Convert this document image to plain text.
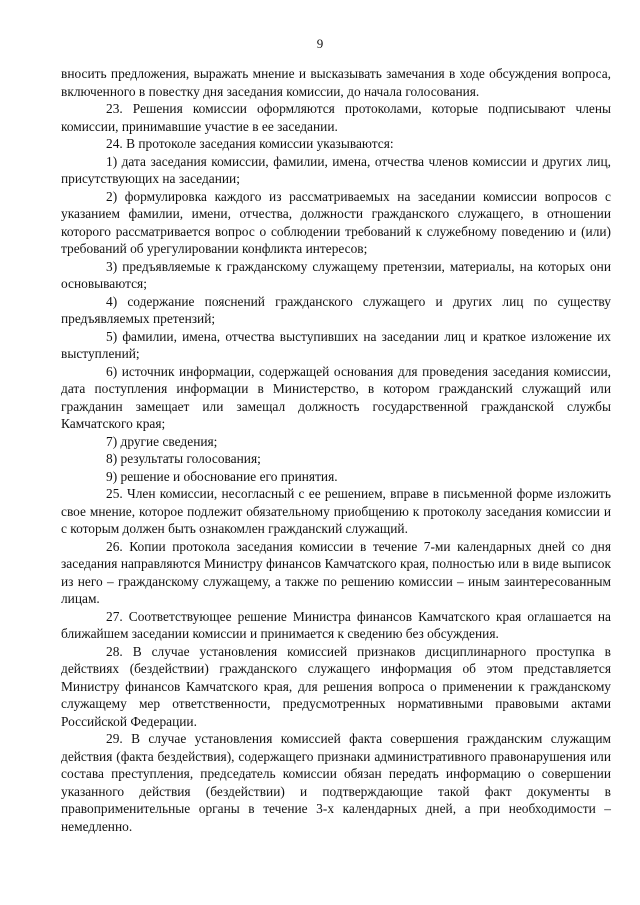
9

вносить предложения, выражать мнение и высказывать замечания в ходе обсуждения вопроса, включенного в повестку дня заседания комиссии, до начала голосования.

23. Решения комиссии оформляются протоколами, которые подписывают члены комиссии, принимавшие участие в ее заседании.

24. В протоколе заседания комиссии указываются:

1) дата заседания комиссии, фамилии, имена, отчества членов комиссии и других лиц, присутствующих на заседании;

2) формулировка каждого из рассматриваемых на заседании комиссии вопросов с указанием фамилии, имени, отчества, должности гражданского служащего, в отношении которого рассматривается вопрос о соблюдении требований к служебному поведению и (или) требований об урегулировании конфликта интересов;

3) предъявляемые к гражданскому служащему претензии, материалы, на которых они основываются;

4) содержание пояснений гражданского служащего и других лиц по существу предъявляемых претензий;

5) фамилии, имена, отчества выступивших на заседании лиц и краткое изложение их выступлений;

6) источник информации, содержащей основания для проведения заседания комиссии, дата поступления информации в Министерство, в котором гражданский служащий или гражданин замещает или замещал должность государственной гражданской службы Камчатского края;

7) другие сведения;

8) результаты голосования;

9) решение и обоснование его принятия.

25. Член комиссии, несогласный с ее решением, вправе в письменной форме изложить свое мнение, которое подлежит обязательному приобщению к протоколу заседания комиссии и с которым должен быть ознакомлен гражданский служащий.

26. Копии протокола заседания комиссии в течение 7-ми календарных дней со дня заседания направляются Министру финансов Камчатского края, полностью или в виде выписок из него – гражданскому служащему, а также по решению комиссии – иным заинтересованным лицам.

27. Соответствующее решение Министра финансов Камчатского края оглашается на ближайшем заседании комиссии и принимается к сведению без обсуждения.

28. В случае установления комиссией признаков дисциплинарного проступка в действиях (бездействии) гражданского служащего информация об этом представляется Министру финансов Камчатского края, для решения вопроса о применении к гражданскому служащему мер ответственности, предусмотренных нормативными правовыми актами Российской Федерации.

29. В случае установления комиссией факта совершения гражданским служащим действия (факта бездействия), содержащего признаки административного правонарушения или состава преступления, председатель комиссии обязан передать информацию о совершении указанного действия (бездействии) и подтверждающие такой факт документы в правоприменительные органы в течение 3-х календарных дней, а при необходимости – немедленно.
